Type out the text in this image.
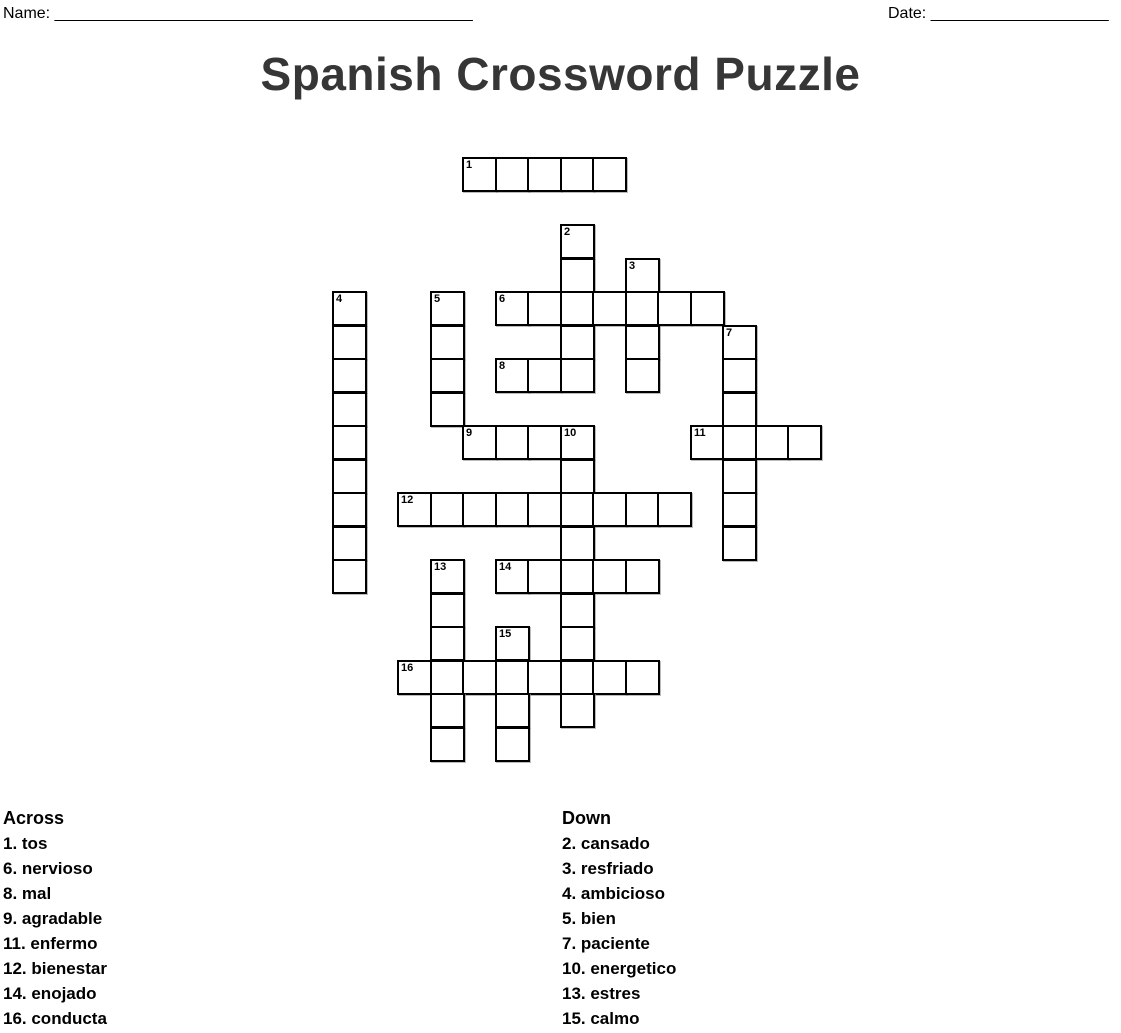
Name: _______________________________________________	Date: ____________________
Spanish Crossword Puzzle
1
2
3
4	5	6
7
8
9	10	11
12
13	14
15
16
Across
1. tos
6. nervioso
8. mal
9. agradable
11. enfermo
12. bienestar
14. enojado
16. conducta
Down
2. cansado
3. resfriado
4. ambicioso
5. bien
7. paciente
10. energetico
13. estres
15. calmo
